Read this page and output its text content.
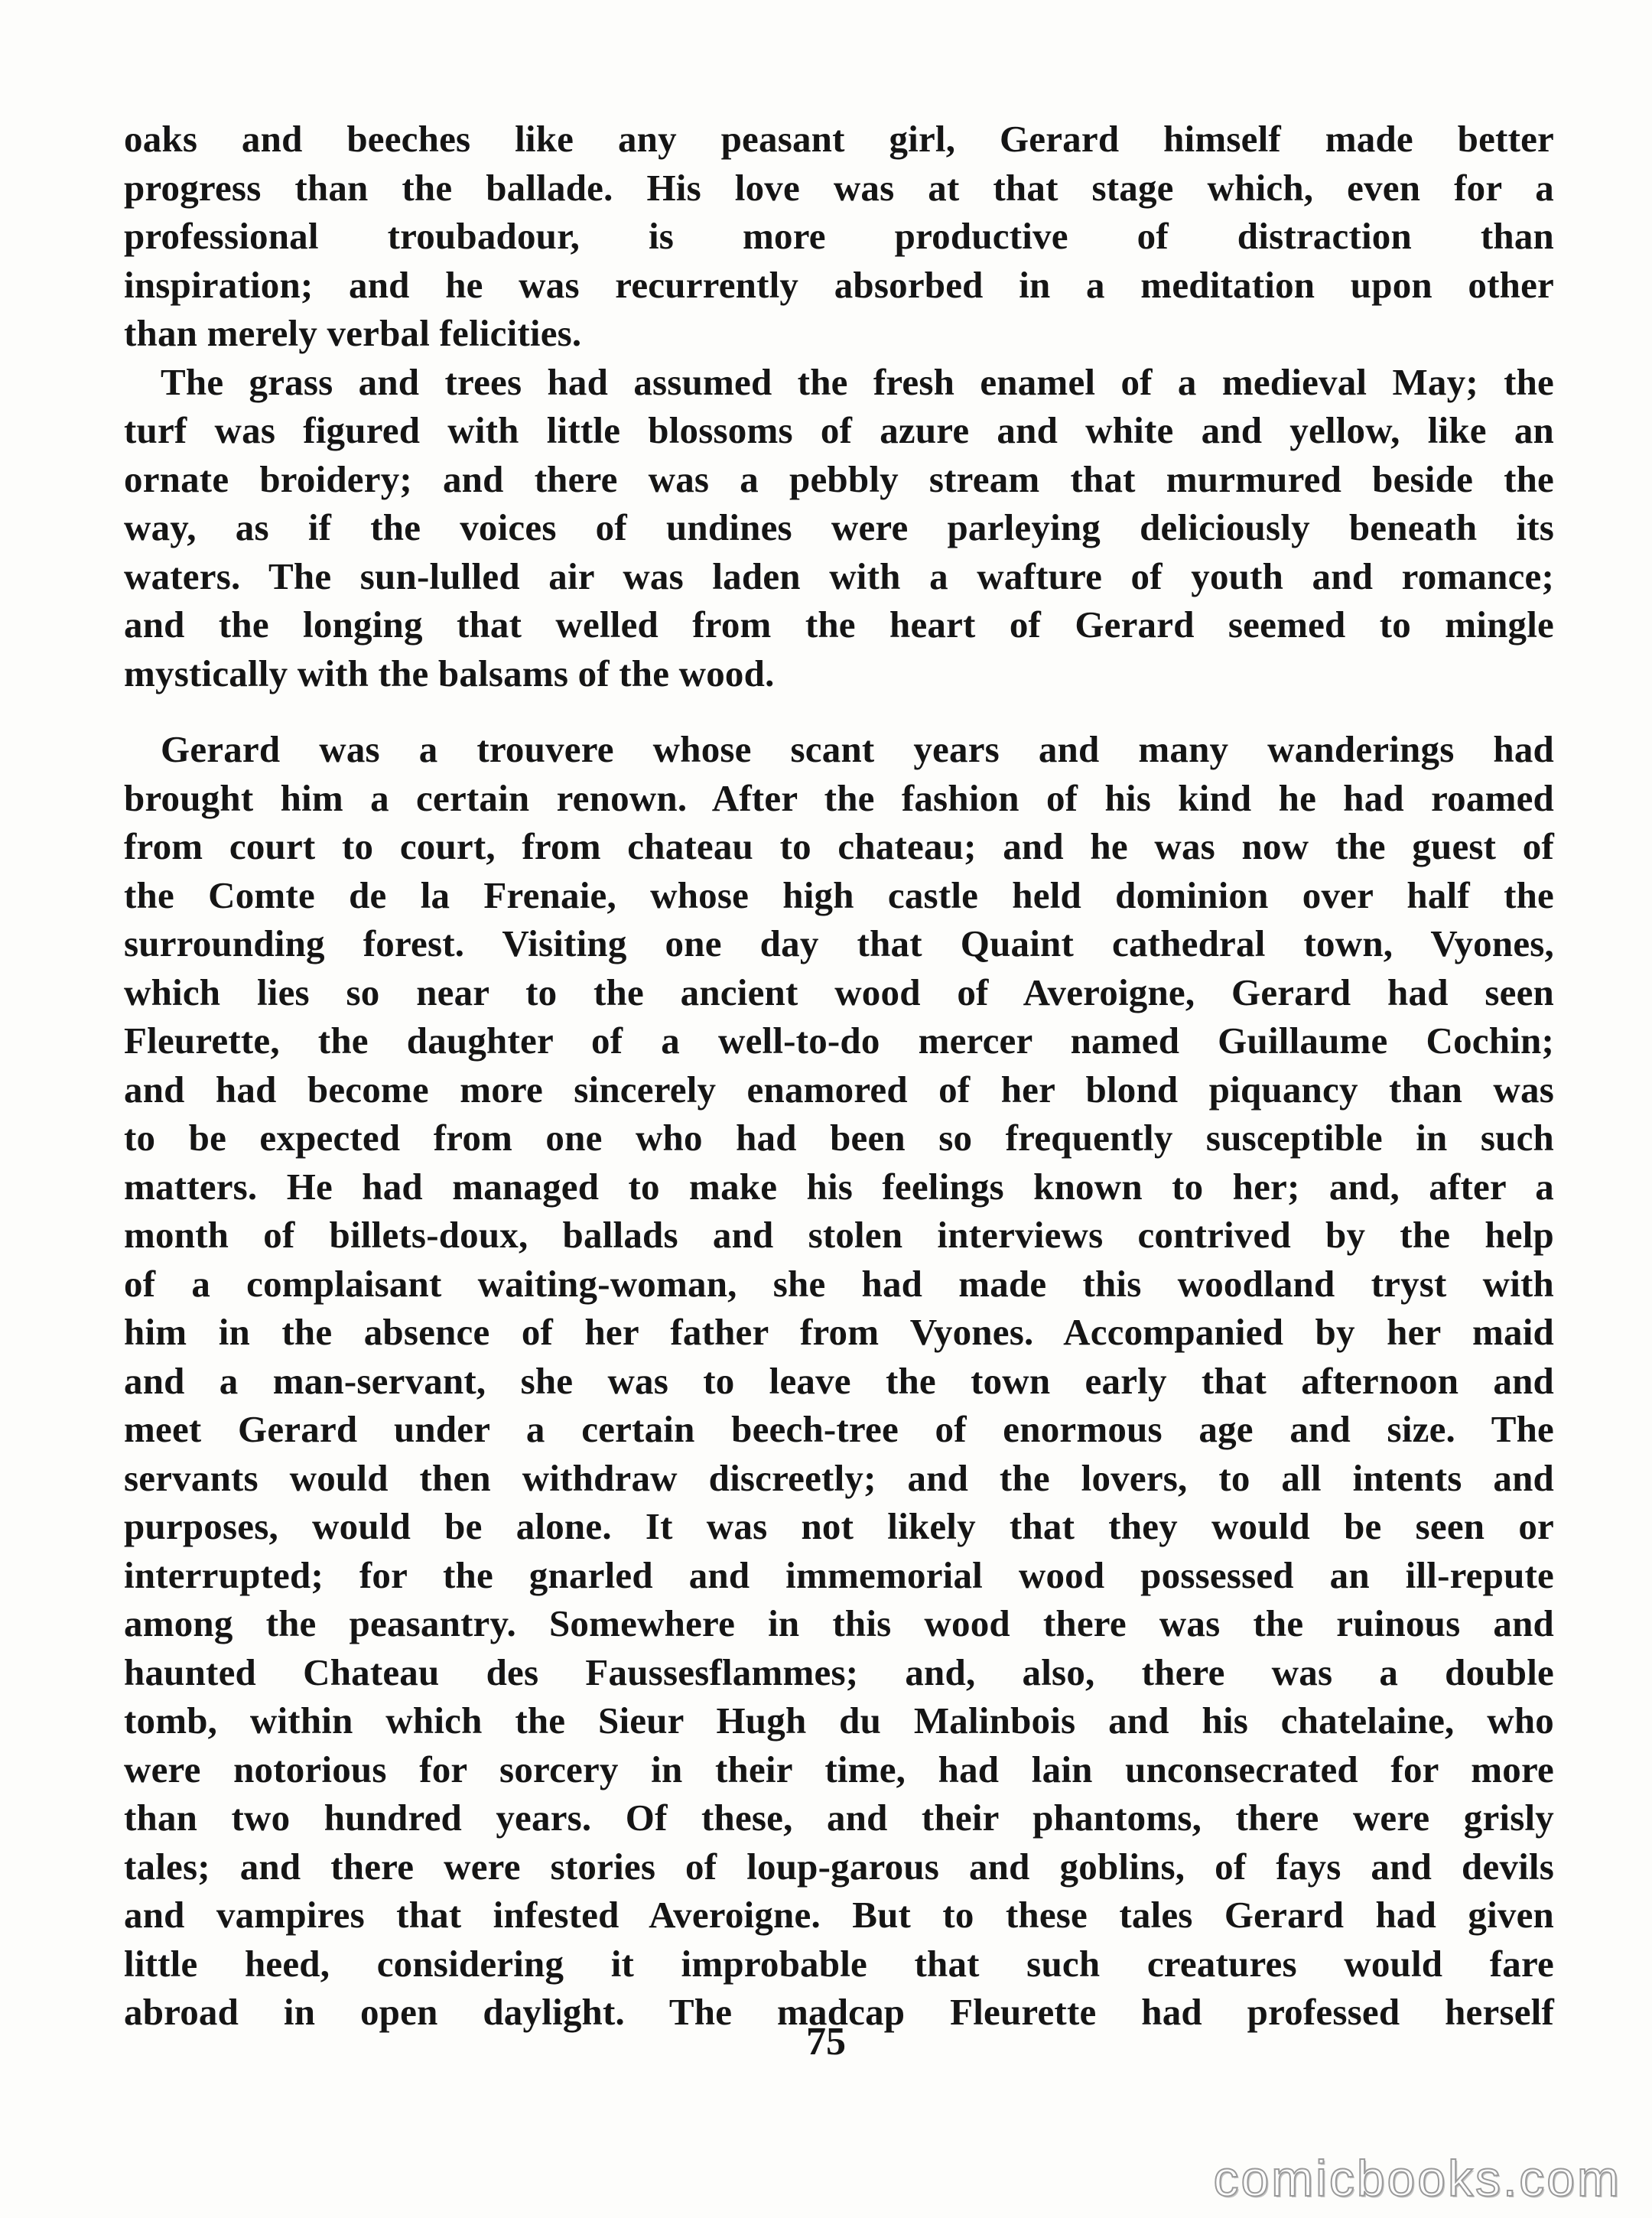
oaks and beeches like any peasant girl, Gerard himself made better
progress than the ballade. His love was at that stage which, even for a
professional troubadour, is more productive of distraction than
inspiration; and he was recurrently absorbed in a meditation upon other
than merely verbal felicities.

The grass and trees had assumed the fresh enamel of a medieval May; the
turf was figured with little blossoms of azure and white and yellow, like an
ornate broidery; and there was a pebbly stream that murmured beside the
way, as if the voices of undines were parleying deliciously beneath its
waters. The sun-lulled air was laden with a wafture of youth and romance;
and the longing that welled from the heart of Gerard seemed to mingle
mystically with the balsams of the wood.

Gerard was a trouvere whose scant years and many wanderings had
brought him a certain renown. After the fashion of his kind he had roamed
from court to court, from chateau to chateau; and he was now the guest of
the Comte de la Frenaie, whose high castle held dominion over half the
surrounding forest. Visiting one day that Quaint cathedral town, Vyones,
which lies so near to the ancient wood of Averoigne, Gerard had seen
Fleurette, the daughter of a well-to-do mercer named Guillaume Cochin;
and had become more sincerely enamored of her blond piquancy than was
to be expected from one who had been so frequently susceptible in such
matters. He had managed to make his feelings known to her; and, after a
month of billets-doux, ballads and stolen interviews contrived by the help
of a complaisant waiting-woman, she had made this woodland tryst with
him in the absence of her father from Vyones. Accompanied by her maid
and a man-servant, she was to leave the town early that afternoon and
meet Gerard under a certain beech-tree of enormous age and size. The
servants would then withdraw discreetly; and the lovers, to all intents and
purposes, would be alone. It was not likely that they would be seen or
interrupted; for the gnarled and immemorial wood possessed an ill-repute
among the peasantry. Somewhere in this wood there was the ruinous and
haunted Chateau des Faussesflammes; and, also, there was a double
tomb, within which the Sieur Hugh du Malinbois and his chatelaine, who
were notorious for sorcery in their time, had lain unconsecrated for more
than two hundred years. Of these, and their phantoms, there were grisly
tales; and there were stories of loup-garous and goblins, of fays and devils
and vampires that infested Averoigne. But to these tales Gerard had given
little heed, considering it improbable that such creatures would fare
abroad in open daylight. The madcap Fleurette had professed herself

75
comicbooks.com
